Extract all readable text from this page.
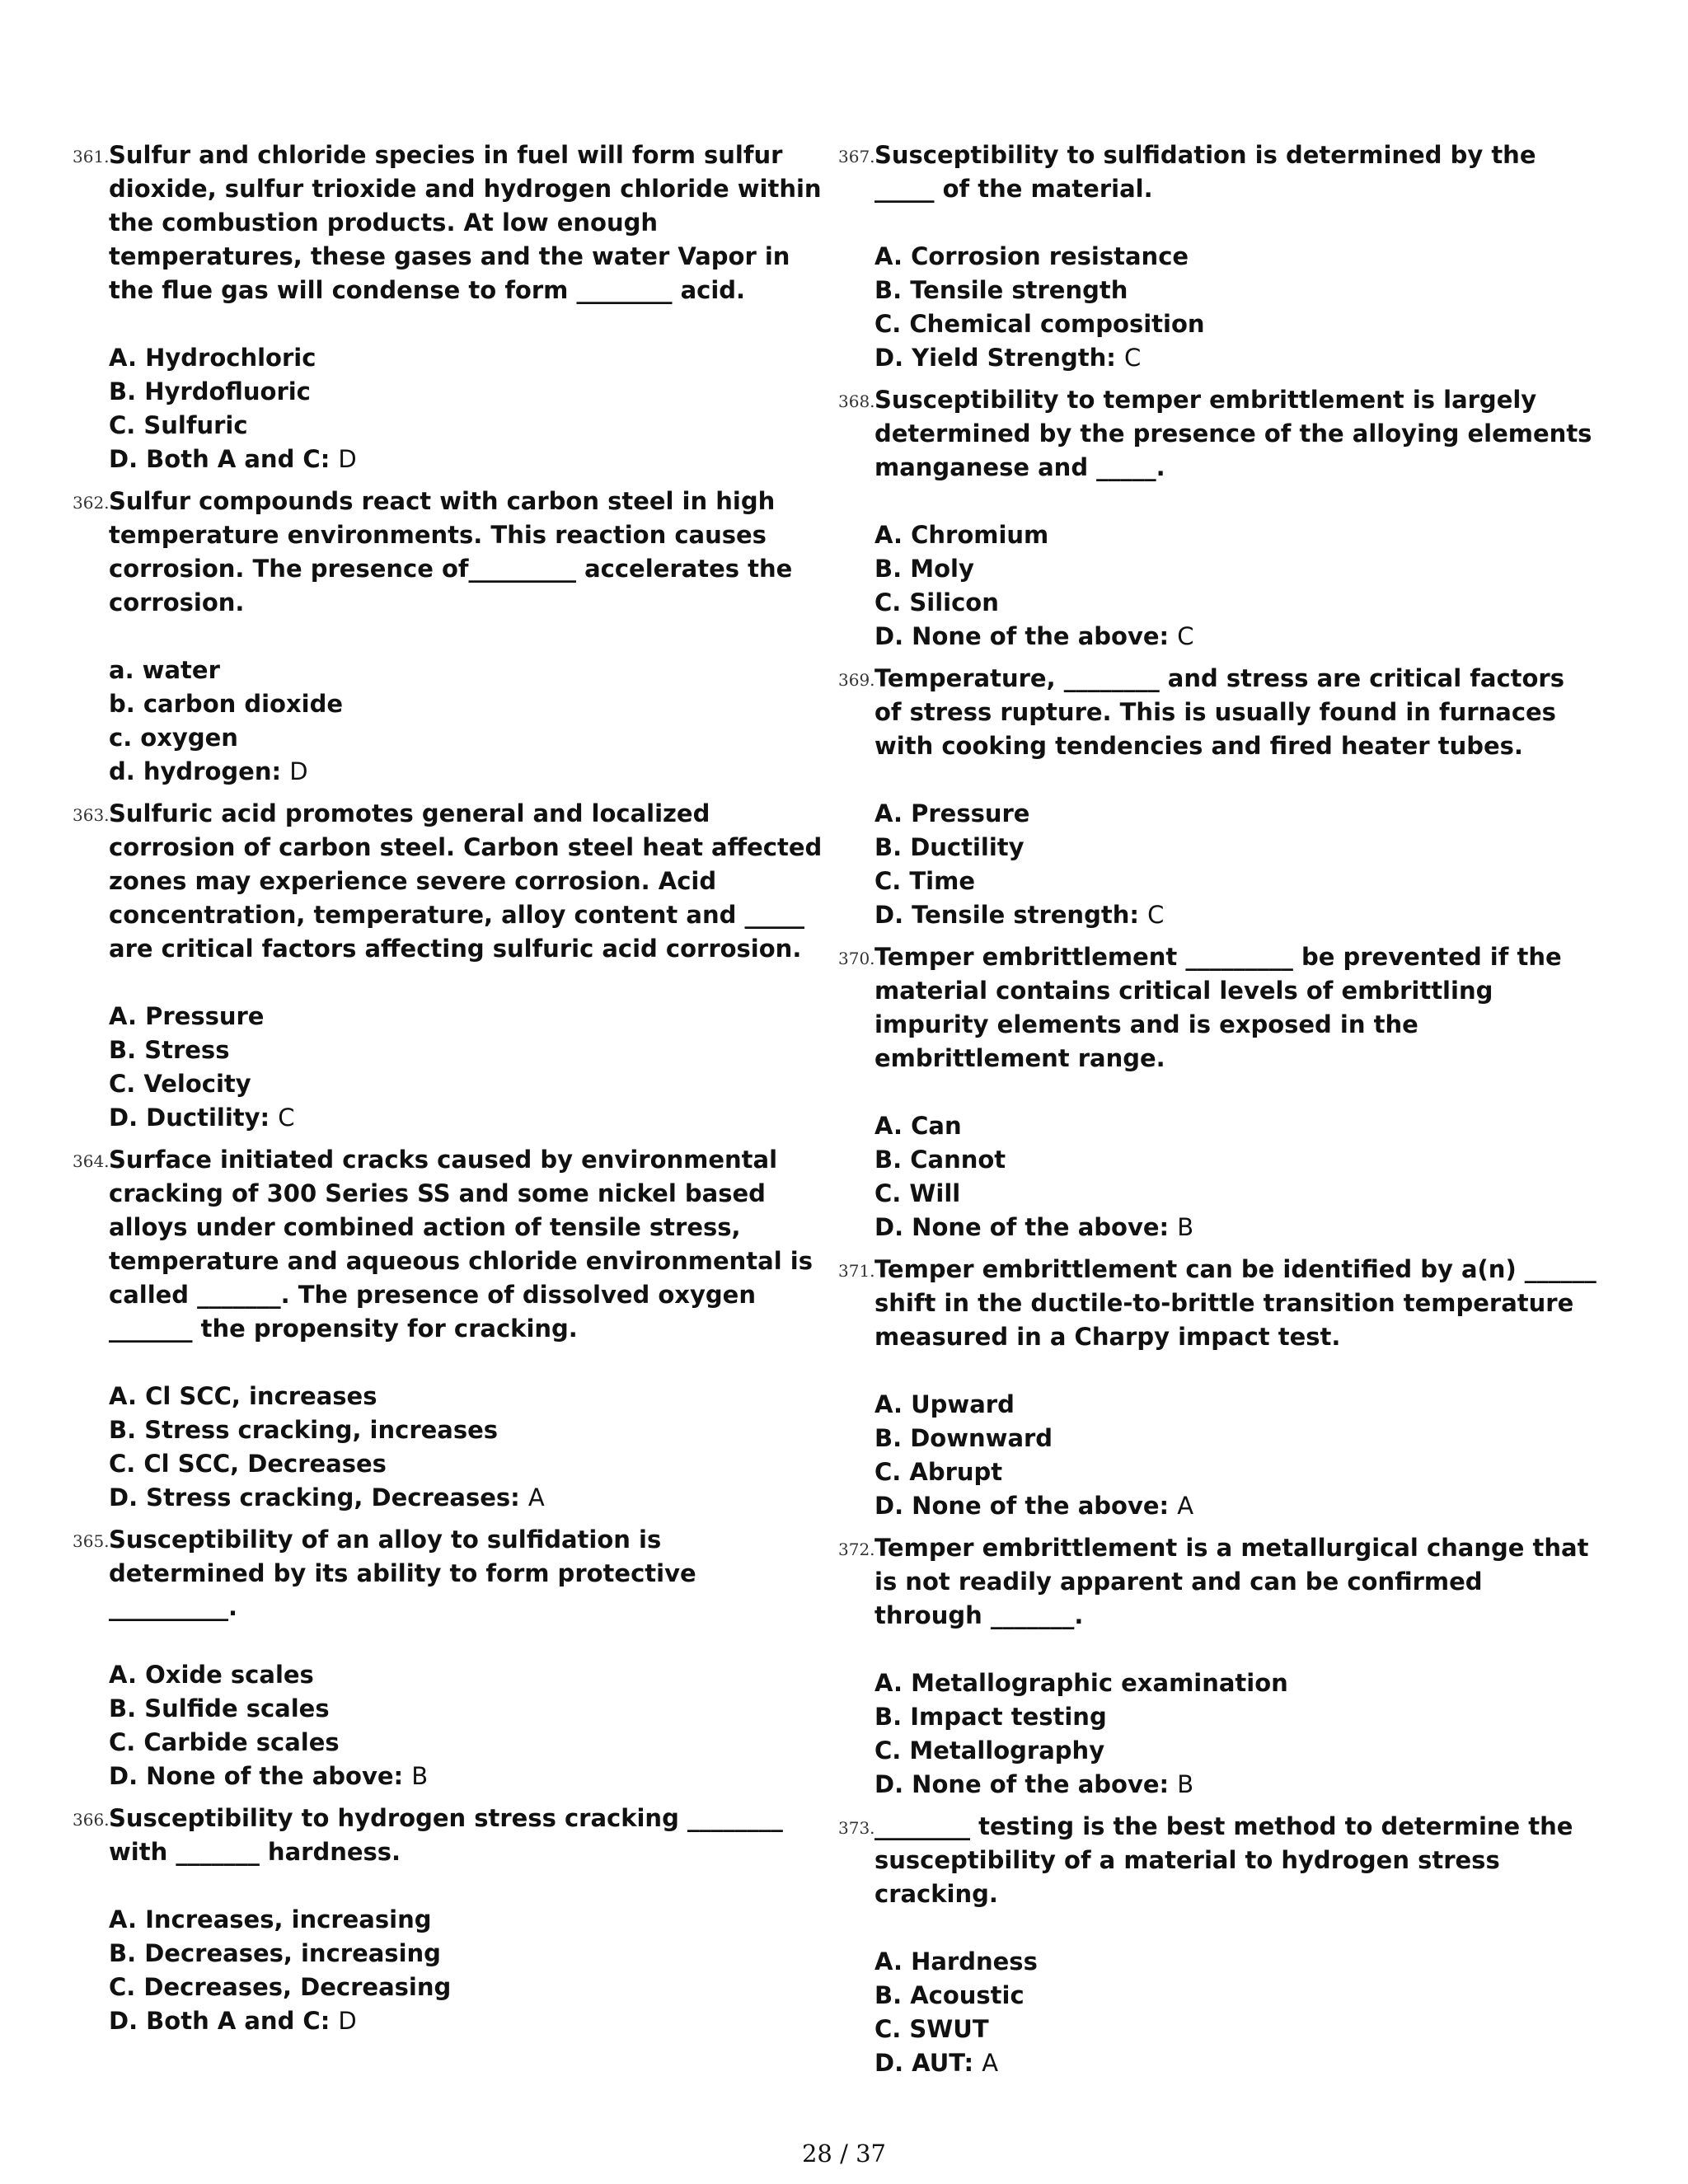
361. Sulfur and chloride species in fuel will form sulfur dioxide, sulfur trioxide and hydrogen chloride within the combustion products. At low enough temperatures, these gases and the water Vapor in the flue gas will condense to form ________ acid.
A. Hydrochloric
B. Hyrdofluoric
C. Sulfuric
D. Both A and C: D
362. Sulfur compounds react with carbon steel in high temperature environments. This reaction causes corrosion. The presence of_________ accelerates the corrosion.
a. water
b. carbon dioxide
c. oxygen
d. hydrogen: D
363. Sulfuric acid promotes general and localized corrosion of carbon steel. Carbon steel heat affected zones may experience severe corrosion. Acid concentration, temperature, alloy content and _____ are critical factors affecting sulfuric acid corrosion.
A. Pressure
B. Stress
C. Velocity
D. Ductility: C
364. Surface initiated cracks caused by environmental cracking of 300 Series SS and some nickel based alloys under combined action of tensile stress, temperature and aqueous chloride environmental is called _______. The presence of dissolved oxygen _______ the propensity for cracking.
A. Cl SCC, increases
B. Stress cracking, increases
C. Cl SCC, Decreases
D. Stress cracking, Decreases: A
365. Susceptibility of an alloy to sulfidation is determined by its ability to form protective __________.
A. Oxide scales
B. Sulfide scales
C. Carbide scales
D. None of the above: B
366. Susceptibility to hydrogen stress cracking ________ with _______ hardness.
A. Increases, increasing
B. Decreases, increasing
C. Decreases, Decreasing
D. Both A and C: D
367. Susceptibility to sulfidation is determined by the _____ of the material.
A. Corrosion resistance
B. Tensile strength
C. Chemical composition
D. Yield Strength: C
368. Susceptibility to temper embrittlement is largely determined by the presence of the alloying elements manganese and _____.
A. Chromium
B. Moly
C. Silicon
D. None of the above: C
369. Temperature, ________ and stress are critical factors of stress rupture. This is usually found in furnaces with cooking tendencies and fired heater tubes.
A. Pressure
B. Ductility
C. Time
D. Tensile strength: C
370. Temper embrittlement _________ be prevented if the material contains critical levels of embrittling impurity elements and is exposed in the embrittlement range.
A. Can
B. Cannot
C. Will
D. None of the above: B
371. Temper embrittlement can be identified by a(n) ______ shift in the ductile-to-brittle transition temperature measured in a Charpy impact test.
A. Upward
B. Downward
C. Abrupt
D. None of the above: A
372. Temper embrittlement is a metallurgical change that is not readily apparent and can be confirmed through _______.
A. Metallographic examination
B. Impact testing
C. Metallography
D. None of the above: B
373. ________ testing is the best method to determine the susceptibility of a material to hydrogen stress cracking.
A. Hardness
B. Acoustic
C. SWUT
D. AUT: A
28 / 37
